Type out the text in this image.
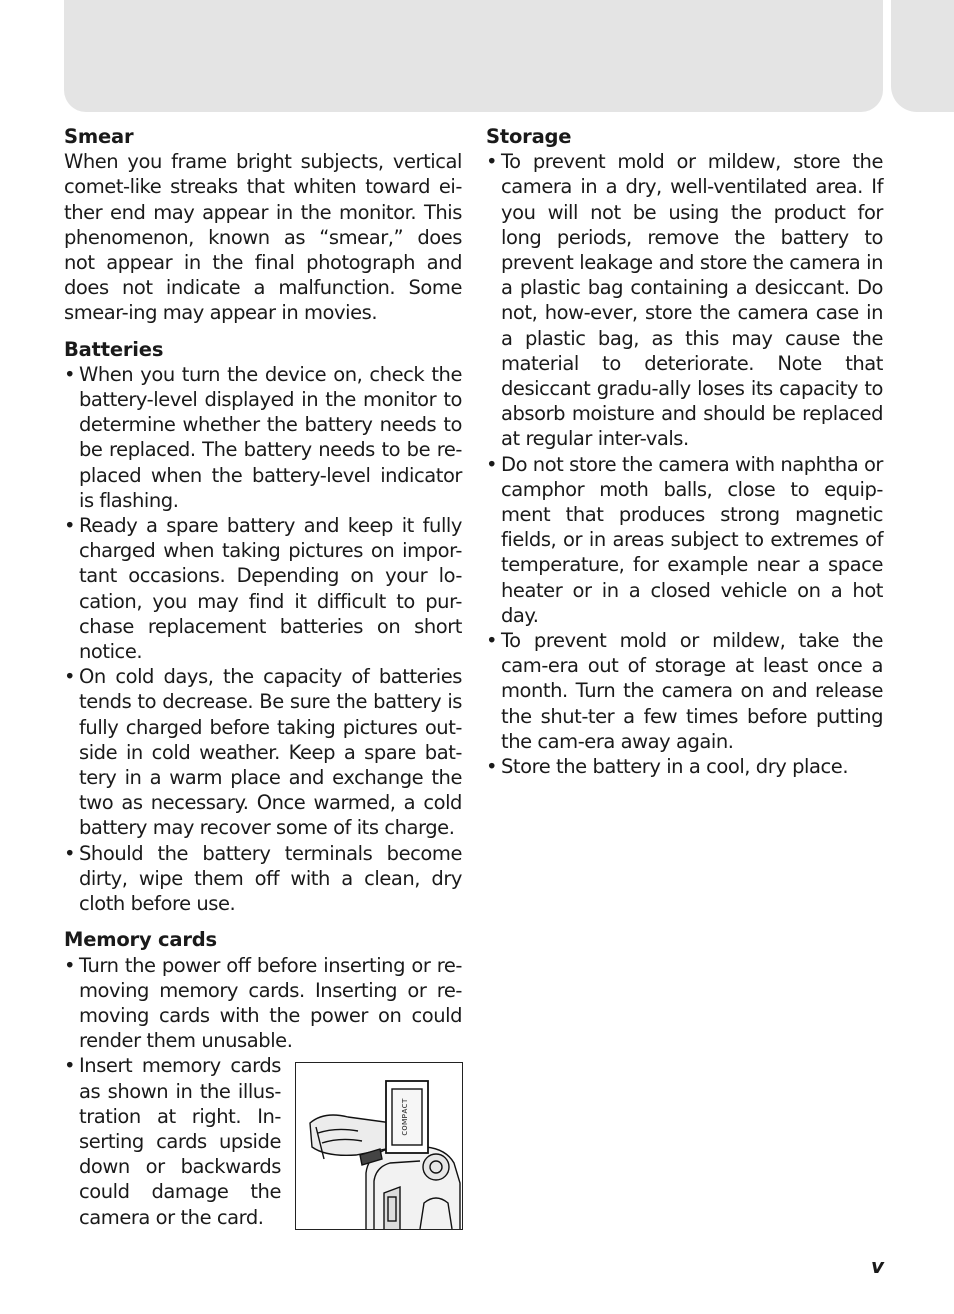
Smear

When you frame bright subjects, vertical comet-like streaks that whiten toward ei-ther end may appear in the monitor. This phenomenon, known as “smear,” does not appear in the final photograph and does not indicate a malfunction. Some smear-ing may appear in movies.

Batteries
• When you turn the device on, check the battery-level displayed in the monitor to determine whether the battery needs to be replaced. The battery needs to be re-placed when the battery-level indicator is flashing.
• Ready a spare battery and keep it fully charged when taking pictures on impor-tant occasions. Depending on your lo-cation, you may find it difficult to pur-chase replacement batteries on short notice.
• On cold days, the capacity of batteries tends to decrease. Be sure the battery is fully charged before taking pictures out-side in cold weather. Keep a spare bat-tery in a warm place and exchange the two as necessary. Once warmed, a cold battery may recover some of its charge.
• Should the battery terminals become dirty, wipe them off with a clean, dry cloth before use.
Memory cards
• Turn the power off before inserting or re-moving memory cards. Inserting or re-moving cards with the power on could render them unusable.
• Insert memory cards as shown in the illus-tration at right. In-serting cards upside down or backwards could damage the camera or the card.
ᴄᴏᴍᴘᴀᴄᴛ
Storage
• To prevent mold or mildew, store the camera in a dry, well-ventilated area. If you will not be using the product for long periods, remove the battery to prevent leakage and store the camera in a plastic bag containing a desiccant. Do not, how-ever, store the camera case in a plastic bag, as this may cause the material to deteriorate. Note that desiccant gradu-ally loses its capacity to absorb moisture and should be replaced at regular inter-vals.
• Do not store the camera with naphtha or camphor moth balls, close to equip-ment that produces strong magnetic fields, or in areas subject to extremes of temperature, for example near a space heater or in a closed vehicle on a hot day.
• To prevent mold or mildew, take the cam-era out of storage at least once a month. Turn the camera on and release the shut-ter a few times before putting the cam-era away again.
• Store the battery in a cool, dry place.
v
